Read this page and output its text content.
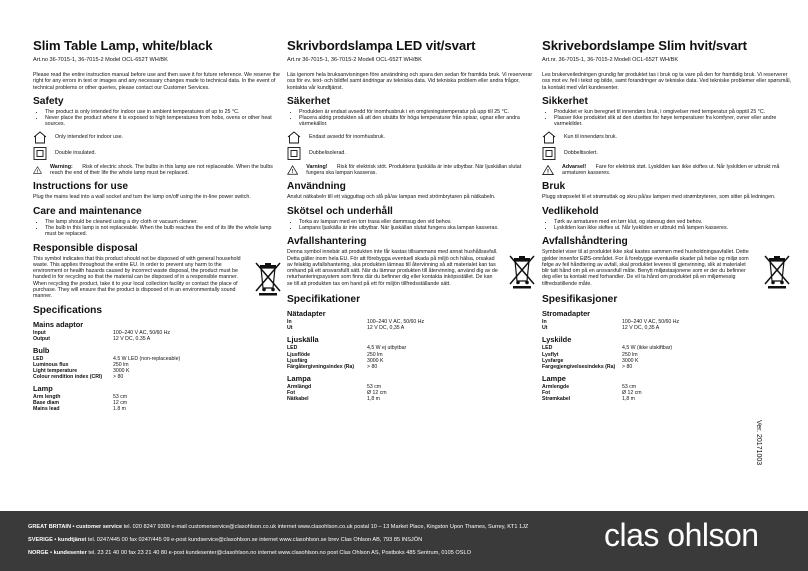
Slim Table Lamp, white/black
Art.no 36-7015-1, 36-7015-2 Model OCL-652T WH/BK

Please read the entire instruction manual before use and then save it for future reference. We reserve the right for any errors in text or images and any necessary changes made to technical data. In the event of technical problems or other queries, please contact our Customer Services.

Safety
• The product is only intended for indoor use in ambient temperatures of up to 25 °C.
• Never place the product where it is exposed to high temperatures from hobs, ovens or other heat sources.
Only intended for indoor use.
Double insulated.
!
Warning: Risk of electric shock. The bulbs in this lamp are not replaceable. When the bulbs reach the end of their life the whole lamp must be replaced.
Instructions for use

Plug the mains lead into a wall socket and turn the lamp on/off using the in-line power switch.

Care and maintenance
• The lamp should be cleaned using a dry cloth or vacuum cleaner.
• The bulb in this lamp is not replaceable. When the bulb reaches the end of its life the whole lamp must be replaced.
Responsible disposal

This symbol indicates that this product should not be disposed of with general household waste. This applies throughout the entire EU. In order to prevent any harm to the environment or health hazards caused by incorrect waste disposal, the product must be handed in for recycling so that the material can be disposed of in a responsible manner. When recycling the product, take it to your local collection facility or contact the place of purchase. They will ensure that the product is disposed of in an environmentally sound manner.

Specifications
Mains adaptor
Input	100–240 V AC, 50/60 Hz
Output	12 V DC, 0.35 A
Bulb
LED	4.5 W LED (non-replaceable)
Luminous flux	250 lm
Light temperature	3000 K
Colour rendition index (CRI)	> 80
Lamp
Arm length	53 cm
Base diam	12 cm
Mains lead	1.8 m
Skrivbordslampa LED vit/svart
Art.nr 36-7015-1, 36-7015-2 Modell OCL-652T WH/BK

Läs igenom hela bruksanvisningen före användning och spara den sedan för framtida bruk. Vi reserverar oss för ev. text- och bildfel samt ändringar av tekniska data. Vid tekniska problem eller andra frågor, kontakta vår kundtjänst.

Säkerhet
• Produkten är endast avsedd för inomhusbruk i en omgivningstemperatur på upp till 25 °C.
• Placera aldrig produkten så att den utsätts för höga temperaturer från spisar, ugnar eller andra värmekällor.
Endast avsedd för inomhusbruk.
Dubbelisolerad.
!
Varning! Risk för elektrisk stöt. Produktens ljuskälla är inte utbytbar. När ljuskällan slutat fungera ska lampan kasseras.
Användning

Anslut nätkabeln till ett vägguttag och slå på/av lampan med strömbrytaren på nätkabeln.

Skötsel och underhåll
• Torka av lampan med en torr trasa eller dammsug den vid behov.
• Lampans ljuskälla är inte utbytbar. När ljuskällan slutat fungera ska lampan kasseras.
Avfallshantering

Denna symbol innebär att produkten inte får kastas tillsammans med annat hushållsavfall. Detta gäller inom hela EU. För att förebygga eventuell skada på miljö och hälsa, orsakad av felaktig avfallshantering, ska produkten lämnas till återvinning så att materialet kan tas omhand på ett ansvarsfullt sätt. När du lämnar produkten till återvinning, använd dig av de returhanteringssystem som finns där du befinner dig eller kontakta inköpsstället. De kan se till att produkten tas om hand på ett för miljön tillfredsställande sätt.

Specifikationer
Nätadapter
In	100–240 V AC, 50/60 Hz
Ut	12 V DC, 0,35 A
Ljuskälla
LED	4,5 W ej utbytbar
Ljusflöde	250 lm
Ljusfärg	3000 K
Färgåtergivningsindex (Ra)	> 80
Lampa
Armlängd	53 cm
Fot	Ø 12 cm
Nätkabel	1,8 m
Skrivebordslampe Slim hvit/svart
Art.nr. 36-7015-1, 36-7015-2 Modell OCL-652T WH/BK

Les brukerveiledningen grundig før produktet tas i bruk og ta vare på den for framtidig bruk. Vi reserverer oss mot ev. feil i tekst og bilde, samt forandringer av tekniske data. Ved tekniske problemer eller spørsmål, ta kontakt med vårt kundesenter.

Sikkerhet
• Produktet er kun beregnet til innendørs bruk, i omgivelser med temperatur på opptil 25 °C.
• Plasser ikke produktet slik at den utsettes for høye temperaturer fra komfyrer, ovner eller andre varmekilder.
Kun til innendørs bruk.
Dobbeltisolert.
!
Advarsel! Fare for elektrisk støt. Lyskilden kan ikke skiftes ut. Når lyskilden er utbrukt må armaturen kasseres.
Bruk

Plugg strøpselet til et strømuttak og skru på/av lampen med strømbryteren, som sitter på ledningen.

Vedlikehold
• Tørk av armaturen med en tørr klut, og støvsug den ved behov.
• Lyskilden kan ikke skiftes ut. Når lyskilden er utbrukt må lampen kasseres.
Avfallshåndtering

Symbolet viser til at produktet ikke skal kastes sammen med husholdningsavfallet. Dette gjelder innenfor EØS-området. For å forebygge eventuelle skader på helse og miljø som følge av feil håndtering av avfall, skal produktet leveres til gjenvinning, slik at materialet blir tatt hånd om på en ansvarsfull måte. Benytt miljøstasjonene som er der du befinner deg eller ta kontakt med forhandler. De vil ta hånd om produktet på en miljømessig tilfredsstillende måte.

Spesifikasjoner
Stromadapter
In	100–240 V AC, 50/60 Hz
Ut	12 V DC, 0,35 A
Lyskilde
LED	4,5 W (ikke utskiftbar)
Lysflyt	250 lm
Lysfarge	3000 K
Fargegjengivelsesindeks (Ra)	> 80
Lampe
Armlengde	53 cm
Fot	Ø 12 cm
Strømkabel	1,8 m
Ver. 20171003
GREAT BRITAIN • customer service tel. 020 8247 9300 e-mail customerservice@clasohlson.co.uk internet www.clasohlson.co.uk postal 10 – 13 Market Place, Kingston Upon Thames, Surrey, KT1 1JZ
SVERIGE • kundtjänst tel. 0247/445 00 fax 0247/445 09 e-post kundservice@clasohlson.se internet www.clasohlson.se brev Clas Ohlson AB, 793 85 INSJÖN
NORGE • kundesenter tel. 23 21 40 00 fax 23 21 40 80 e-post kundesenter@clasohlson.no internet www.clasohlson.no post Clas Ohlson AS, Postboks 485 Sentrum, 0105 OSLO	clas ohlson
